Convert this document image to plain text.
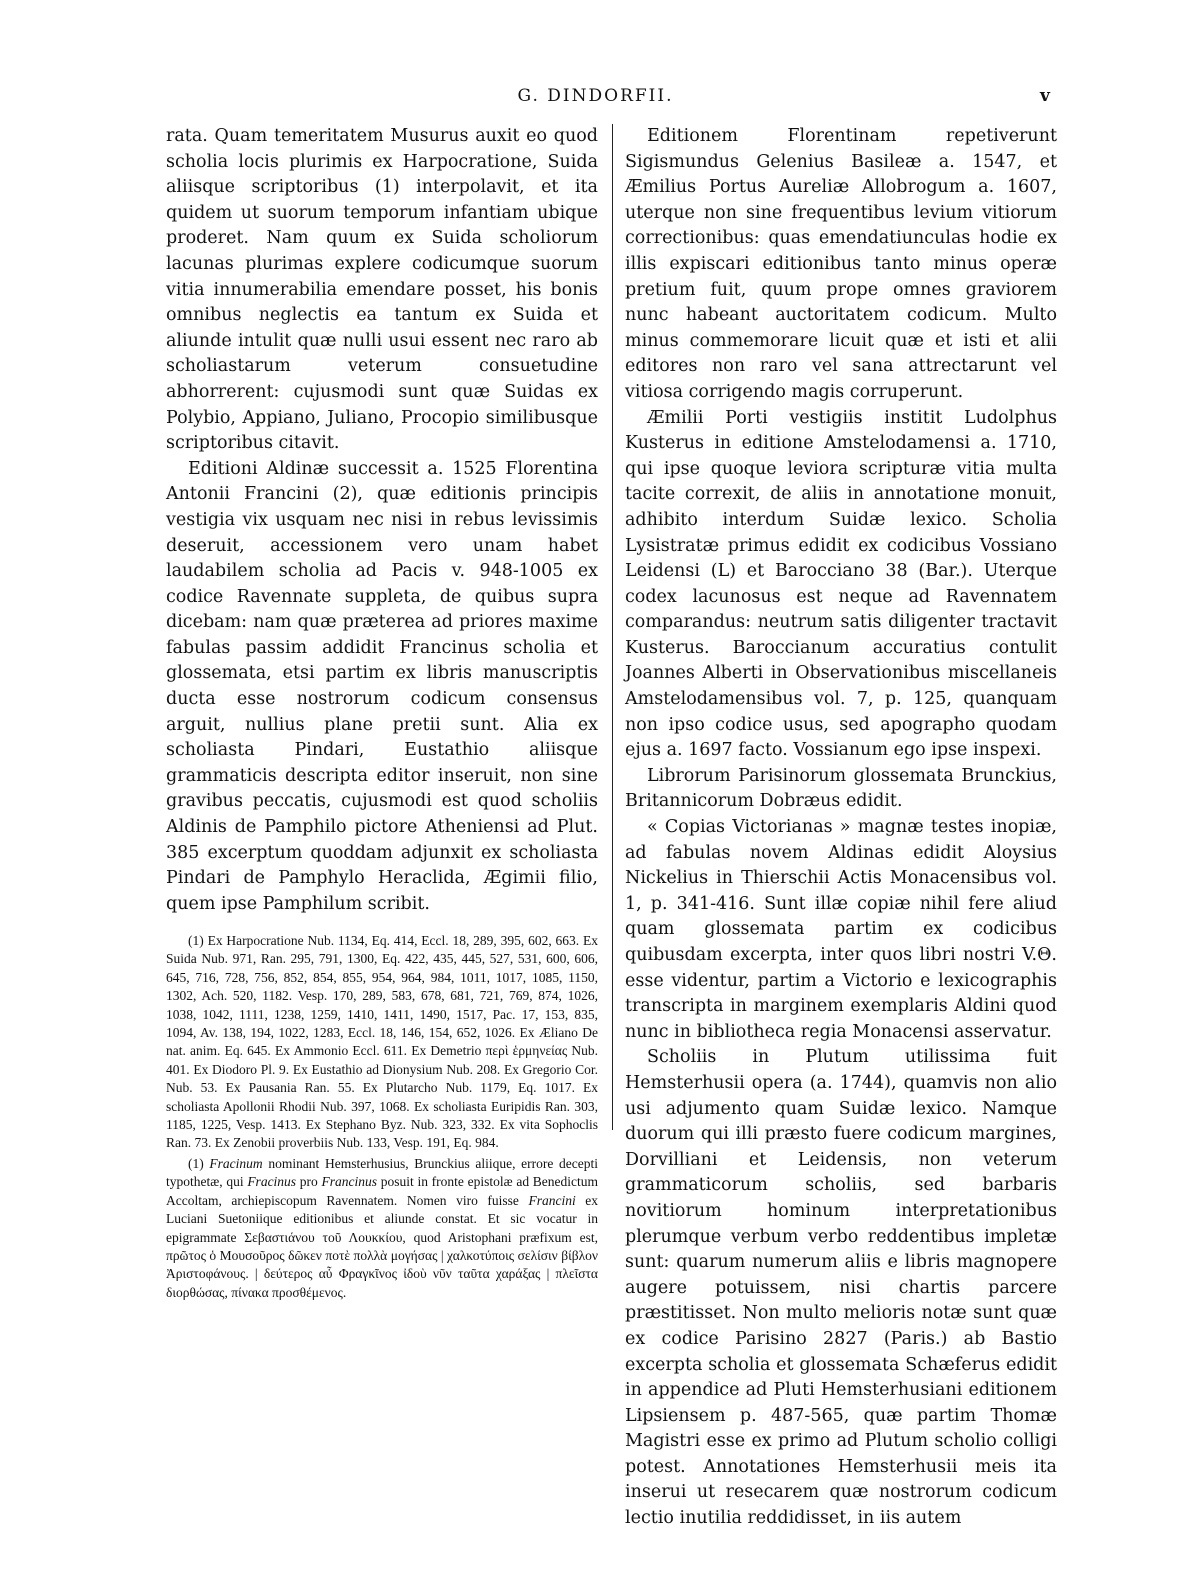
G. DINDORFII.	v

rata. Quam temeritatem Musurus auxit eo quod scholia locis plurimis ex Harpocratione, Suida aliisque scriptoribus (1) interpolavit, et ita quidem ut suorum temporum infantiam ubique proderet. Nam quum ex Suida scholiorum lacunas plurimas explere codicumque suorum vitia innumerabilia emendare posset, his bonis omnibus neglectis ea tantum ex Suida et aliunde intulit quæ nulli usui essent nec raro ab scholiastarum veterum consuetudine abhorrerent: cujusmodi sunt quæ Suidas ex Polybio, Appiano, Juliano, Procopio similibusque scriptoribus citavit.

Editioni Aldinæ successit a. 1525 Florentina Antonii Francini (2), quæ editionis principis vestigia vix usquam nec nisi in rebus levissimis deseruit, accessionem vero unam habet laudabilem scholia ad Pacis v. 948-1005 ex codice Ravennate suppleta, de quibus supra dicebam: nam quæ præterea ad priores maxime fabulas passim addidit Francinus scholia et glossemata, etsi partim ex libris manuscriptis ducta esse nostrorum codicum consensus arguit, nullius plane pretii sunt. Alia ex scholiasta Pindari, Eustathio aliisque grammaticis descripta editor inseruit, non sine gravibus peccatis, cujusmodi est quod scholiis Aldinis de Pamphilo pictore Atheniensi ad Plut. 385 excerptum quoddam adjunxit ex scholiasta Pindari de Pamphylo Heraclida, Ægimii filio, quem ipse Pamphilum scribit.

(1) Ex Harpocratione Nub. 1134, Eq. 414, Eccl. 18, 289, 395, 602, 663. Ex Suida Nub. 971, Ran. 295, 791, 1300, Eq. 422, 435, 445, 527, 531, 600, 606, 645, 716, 728, 756, 852, 854, 855, 954, 964, 984, 1011, 1017, 1085, 1150, 1302, Ach. 520, 1182. Vesp. 170, 289, 583, 678, 681, 721, 769, 874, 1026, 1038, 1042, 1111, 1238, 1259, 1410, 1411, 1490, 1517, Pac. 17, 153, 835, 1094, Av. 138, 194, 1022, 1283, Eccl. 18, 146, 154, 652, 1026. Ex Æliano De nat. anim. Eq. 645. Ex Ammonio Eccl. 611. Ex Demetrio περὶ ἑρμηνείας Nub. 401. Ex Diodoro Pl. 9. Ex Eustathio ad Dionysium Nub. 208. Ex Gregorio Cor. Nub. 53. Ex Pausania Ran. 55. Ex Plutarcho Nub. 1179, Eq. 1017. Ex scholiasta Apollonii Rhodii Nub. 397, 1068. Ex scholiasta Euripidis Ran. 303, 1185, 1225, Vesp. 1413. Ex Stephano Byz. Nub. 323, 332. Ex vita Sophoclis Ran. 73. Ex Zenobii proverbiis Nub. 133, Vesp. 191, Eq. 984.

(1) Fracinum nominant Hemsterhusius, Brunckius aliique, errore decepti typothetæ, qui Fracinus pro Francinus posuit in fronte epistolæ ad Benedictum Accoltam, archiepiscopum Ravennatem. Nomen viro fuisse Francini ex Luciani Suetoniique editionibus et aliunde constat. Et sic vocatur in epigrammate Σεβαστιάνου τοῦ Λουκκίου, quod Aristophani præfixum est, πρῶτος ὁ Μουσοῦρος δῶκεν ποτὲ πολλὰ μογήσας | χαλκοτύποις σελίσιν βίβλον Ἀριστοφάνους. | δεύτερος αὖ Φραγκῖνος ἰδοὺ νῦν ταῦτα χαράξας | πλεῖστα διορθώσας, πίνακα προσθέμενος.

Editionem Florentinam repetiverunt Sigismundus Gelenius Basileæ a. 1547, et Æmilius Portus Aureliæ Allobrogum a. 1607, uterque non sine frequentibus levium vitiorum correctionibus: quas emendatiunculas hodie ex illis expiscari editionibus tanto minus operæ pretium fuit, quum prope omnes graviorem nunc habeant auctoritatem codicum. Multo minus commemorare licuit quæ et isti et alii editores non raro vel sana attrectarunt vel vitiosa corrigendo magis corruperunt.

Æmilii Porti vestigiis institit Ludolphus Kusterus in editione Amstelodamensi a. 1710, qui ipse quoque leviora scripturæ vitia multa tacite correxit, de aliis in annotatione monuit, adhibito interdum Suidæ lexico. Scholia Lysistratæ primus edidit ex codicibus Vossiano Leidensi (L) et Barocciano 38 (Bar.). Uterque codex lacunosus est neque ad Ravennatem comparandus: neutrum satis diligenter tractavit Kusterus. Baroccianum accuratius contulit Joannes Alberti in Observationibus miscellaneis Amstelodamensibus vol. 7, p. 125, quanquam non ipso codice usus, sed apographo quodam ejus a. 1697 facto. Vossianum ego ipse inspexi.

Librorum Parisinorum glossemata Brunckius, Britannicorum Dobræus edidit.

« Copias Victorianas » magnæ testes inopiæ, ad fabulas novem Aldinas edidit Aloysius Nickelius in Thierschii Actis Monacensibus vol. 1, p. 341-416. Sunt illæ copiæ nihil fere aliud quam glossemata partim ex codicibus quibusdam excerpta, inter quos libri nostri V.Θ. esse videntur, partim a Victorio e lexicographis transcripta in marginem exemplaris Aldini quod nunc in bibliotheca regia Monacensi asservatur.

Scholiis in Plutum utilissima fuit Hemsterhusii opera (a. 1744), quamvis non alio usi adjumento quam Suidæ lexico. Namque duorum qui illi præsto fuere codicum margines, Dorvilliani et Leidensis, non veterum grammaticorum scholiis, sed barbaris novitiorum hominum interpretationibus plerumque verbum verbo reddentibus impletæ sunt: quarum numerum aliis e libris magnopere augere potuissem, nisi chartis parcere præstitisset. Non multo melioris notæ sunt quæ ex codice Parisino 2827 (Paris.) ab Bastio excerpta scholia et glossemata Schæferus edidit in appendice ad Pluti Hemsterhusiani editionem Lipsiensem p. 487-565, quæ partim Thomæ Magistri esse ex primo ad Plutum scholio colligi potest. Annotationes Hemsterhusii meis ita inserui ut resecarem quæ nostrorum codicum lectio inutilia reddidisset, in iis autem
